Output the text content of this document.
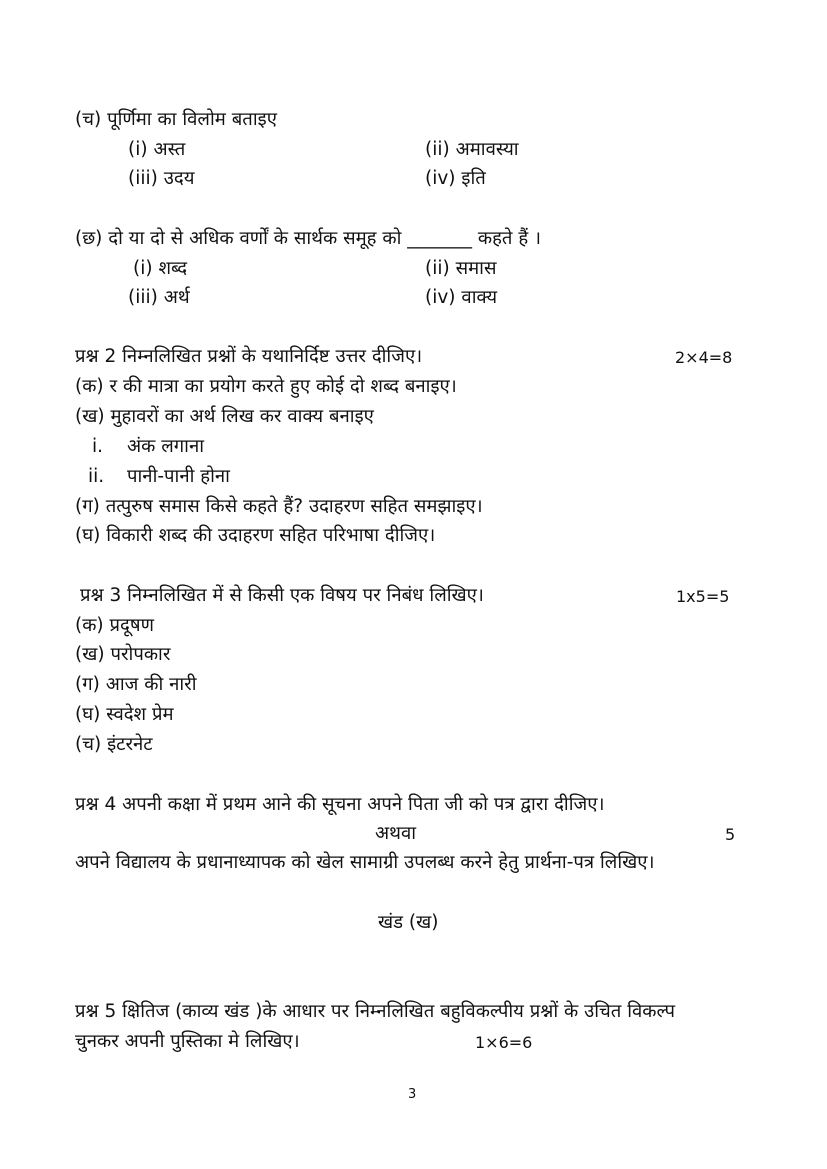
(च) पूर्णिमा का विलोम बताइए
(i) अस्त	(ii) अमावस्या
(iii) उदय	(iv) इति
(छ) दो या दो से अधिक वर्णों के सार्थक समूह को _______ कहते हैं ।
(i) शब्द	(ii) समास
(iii) अर्थ	(iv) वाक्य
प्रश्न 2 निम्नलिखित प्रश्नों के यथानिर्दिष्ट उत्तर दीजिए।	2×4=8
(क) र की मात्रा का प्रयोग करते हुए कोई दो शब्द बनाइए।
(ख) मुहावरों का अर्थ लिख कर वाक्य बनाइए
i. अंक लगाना
ii. पानी-पानी होना
(ग) तत्पुरुष समास किसे कहते हैं? उदाहरण सहित समझाइए।
(घ) विकारी शब्द की उदाहरण सहित परिभाषा दीजिए।
प्रश्न 3 निम्नलिखित में से किसी एक विषय पर निबंध लिखिए।	1x5=5
(क) प्रदूषण
(ख) परोपकार
(ग) आज की नारी
(घ) स्वदेश प्रेम
(च) इंटरनेट
प्रश्न 4 अपनी कक्षा में प्रथम आने की सूचना अपने पिता जी को पत्र द्वारा दीजिए।
अथवा	5
अपने विद्यालय के प्रधानाध्यापक को खेल सामाग्री उपलब्ध करने हेतु प्रार्थना-पत्र लिखिए।
खंड (ख)
प्रश्न 5 क्षितिज (काव्य खंड )के आधार पर निम्नलिखित बहुविकल्पीय प्रश्नों के उचित विकल्प
चुनकर अपनी पुस्तिका मे लिखिए।	1×6=6
3
